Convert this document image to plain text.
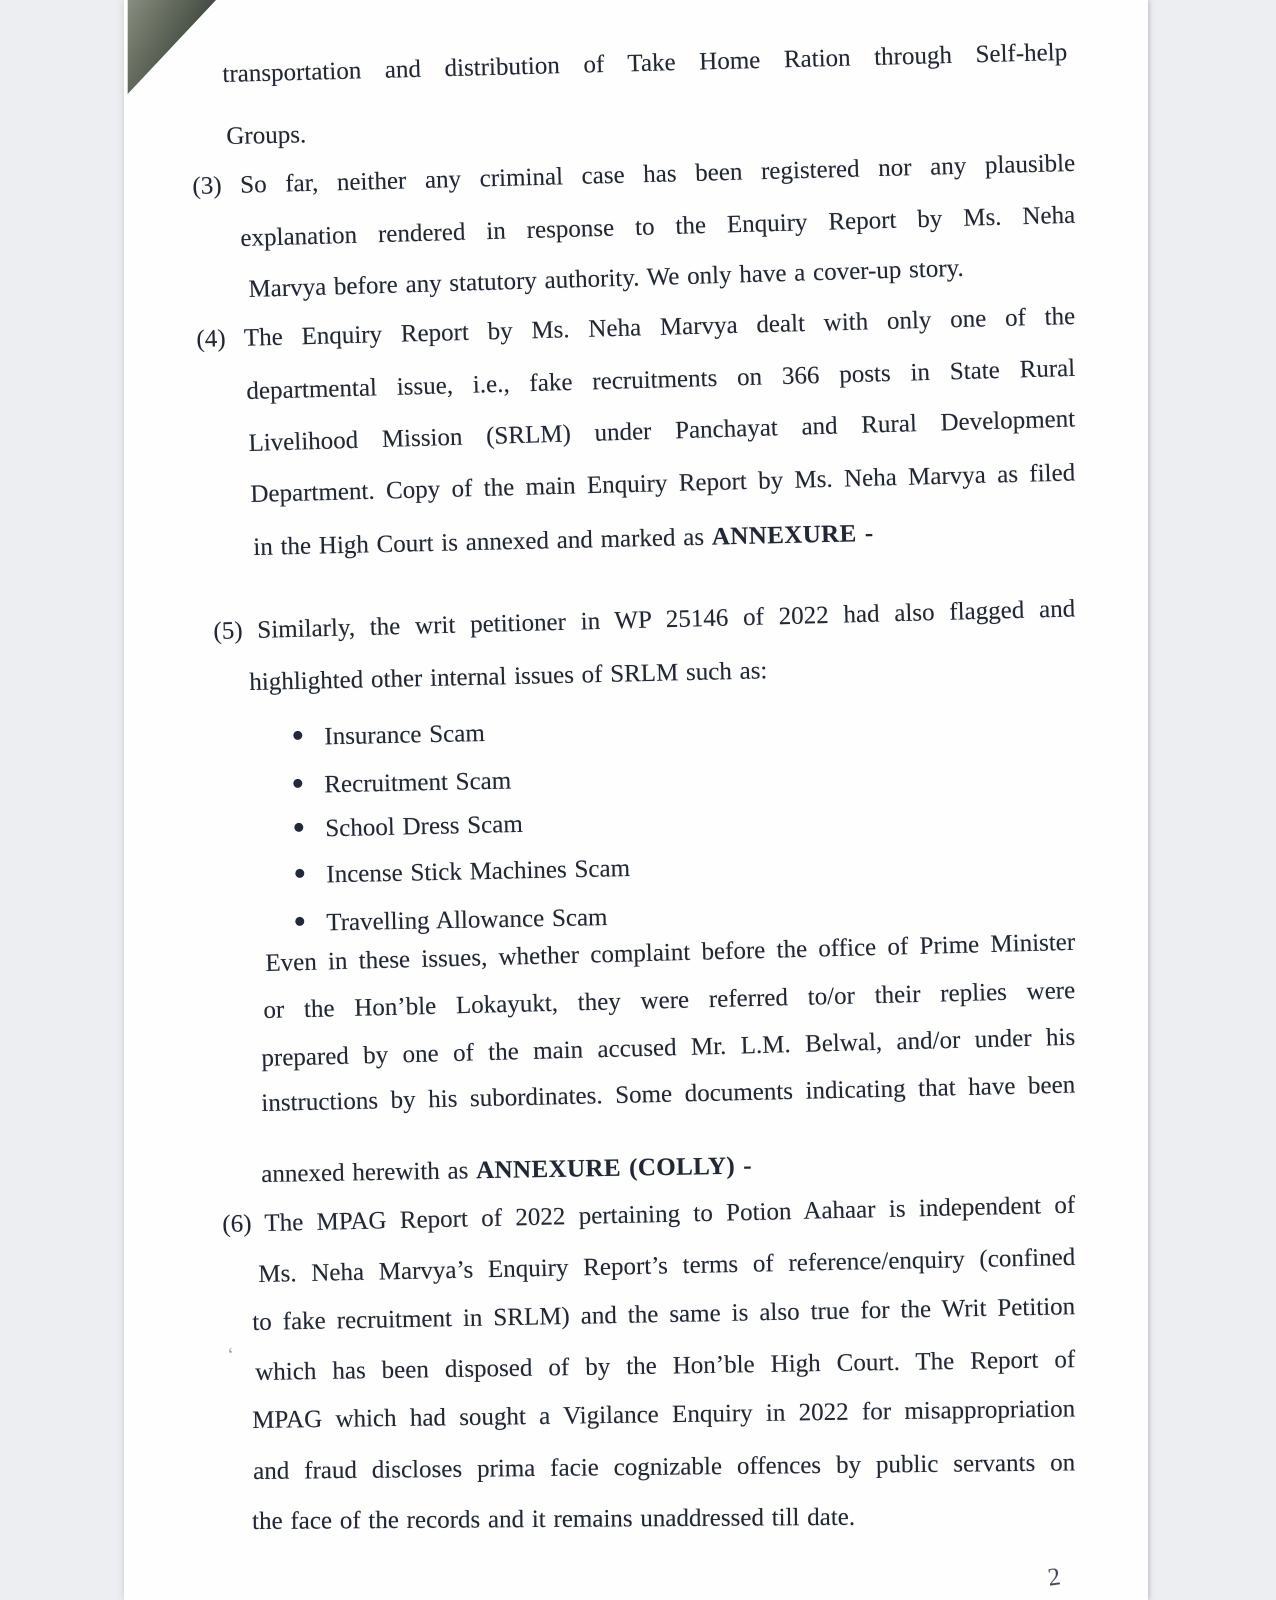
transportation and distribution of Take Home Ration through Self-help
Groups.
(3) So far, neither any criminal case has been registered nor any plausible
explanation rendered in response to the Enquiry Report by Ms. Neha
Marvya before any statutory authority. We only have a cover-up story.
(4) The Enquiry Report by Ms. Neha Marvya dealt with only one of the
departmental issue, i.e., fake recruitments on 366 posts in State Rural
Livelihood Mission (SRLM) under Panchayat and Rural Development
Department. Copy of the main Enquiry Report by Ms. Neha Marvya as filed
in the High Court is annexed and marked as ANNEXURE -
(5) Similarly, the writ petitioner in WP 25146 of 2022 had also flagged and
highlighted other internal issues of SRLM such as:
Insurance Scam
Recruitment Scam
School Dress Scam
Incense Stick Machines Scam
Travelling Allowance Scam
Even in these issues, whether complaint before the office of Prime Minister
or the Hon’ble Lokayukt, they were referred to/or their replies were
prepared by one of the main accused Mr. L.M. Belwal, and/or under his
instructions by his subordinates. Some documents indicating that have been
annexed herewith as ANNEXURE (COLLY) -
(6) The MPAG Report of 2022 pertaining to Potion Aahaar is independent of
Ms. Neha Marvya’s Enquiry Report’s terms of reference/enquiry (confined
to fake recruitment in SRLM) and the same is also true for the Writ Petition
which has been disposed of by the Hon’ble High Court. The Report of
MPAG which had sought a Vigilance Enquiry in 2022 for misappropriation
and fraud discloses prima facie cognizable offences by public servants on
the face of the records and it remains unaddressed till date.
‘
2
